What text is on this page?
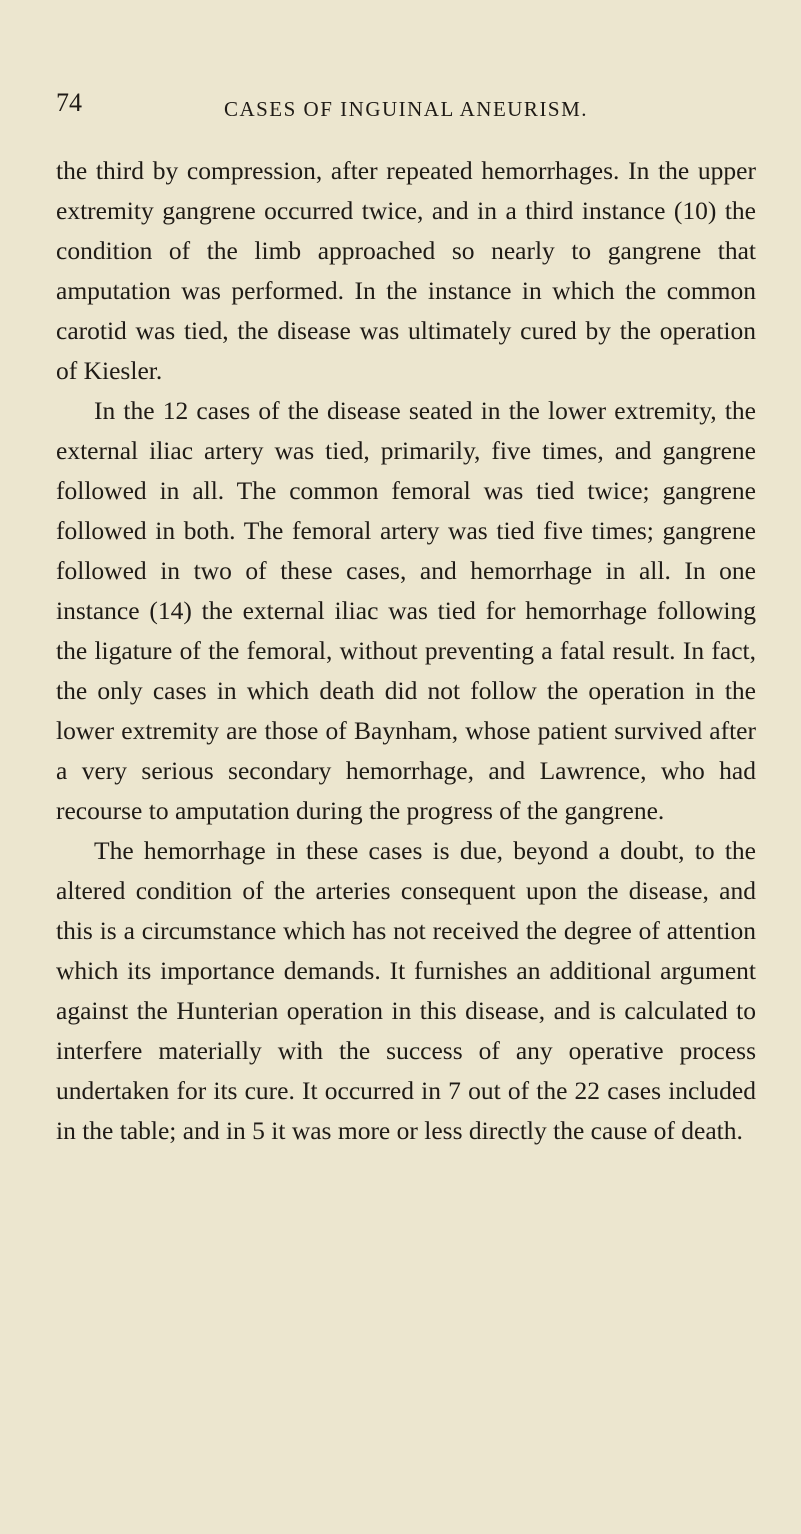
74	CASES OF INGUINAL ANEURISM.

the third by compression, after repeated hemorrhages. In the upper extremity gangrene occurred twice, and in a third instance (10) the condition of the limb approached so nearly to gangrene that amputation was performed. In the instance in which the common carotid was tied, the disease was ultimately cured by the operation of Kiesler.

In the 12 cases of the disease seated in the lower extremity, the external iliac artery was tied, primarily, five times, and gangrene followed in all. The common femoral was tied twice; gangrene followed in both. The femoral artery was tied five times; gangrene followed in two of these cases, and hemorrhage in all. In one instance (14) the external iliac was tied for hemorrhage following the ligature of the femoral, without preventing a fatal result. In fact, the only cases in which death did not follow the operation in the lower extremity are those of Baynham, whose patient survived after a very serious secondary hemorrhage, and Lawrence, who had recourse to amputation during the progress of the gangrene.

The hemorrhage in these cases is due, beyond a doubt, to the altered condition of the arteries consequent upon the disease, and this is a circumstance which has not received the degree of attention which its importance demands. It furnishes an additional argument against the Hunterian operation in this disease, and is calculated to interfere materially with the success of any operative process undertaken for its cure. It occurred in 7 out of the 22 cases included in the table; and in 5 it was more or less directly the cause of death.
